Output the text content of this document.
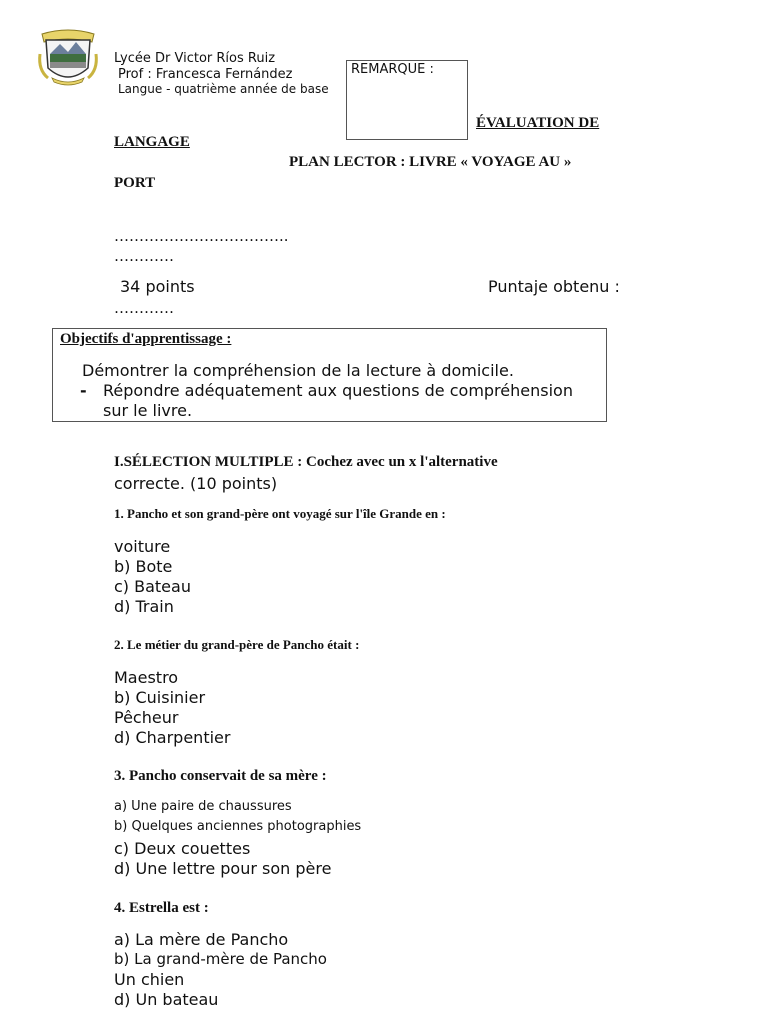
Lycée Dr Victor Ríos Ruiz
Prof : Francesca Fernández
Langue - quatrième année de base
REMARQUE :
ÉVALUATION DE
LANGAGE
PLAN LECTOR : LIVRE « VOYAGE AU »
PORT
……………………………..
…………
34 points	Puntaje obtenu :
…………
Objectifs d'apprentissage :
Démontrer la compréhension de la lecture à domicile.
- Répondre adéquatement aux questions de compréhension
sur le livre.
I.SÉLECTION MULTIPLE : Cochez avec un x l'alternative
correcte. (10 points)
1. Pancho et son grand-père ont voyagé sur l'île Grande en :
voiture
b) Bote
c) Bateau
d) Train
2. Le métier du grand-père de Pancho était :
Maestro
b) Cuisinier
Pêcheur
d) Charpentier
3. Pancho conservait de sa mère :
a) Une paire de chaussures
b) Quelques anciennes photographies
c) Deux couettes
d) Une lettre pour son père
4. Estrella est :
a) La mère de Pancho
b) La grand-mère de Pancho
Un chien
d) Un bateau
